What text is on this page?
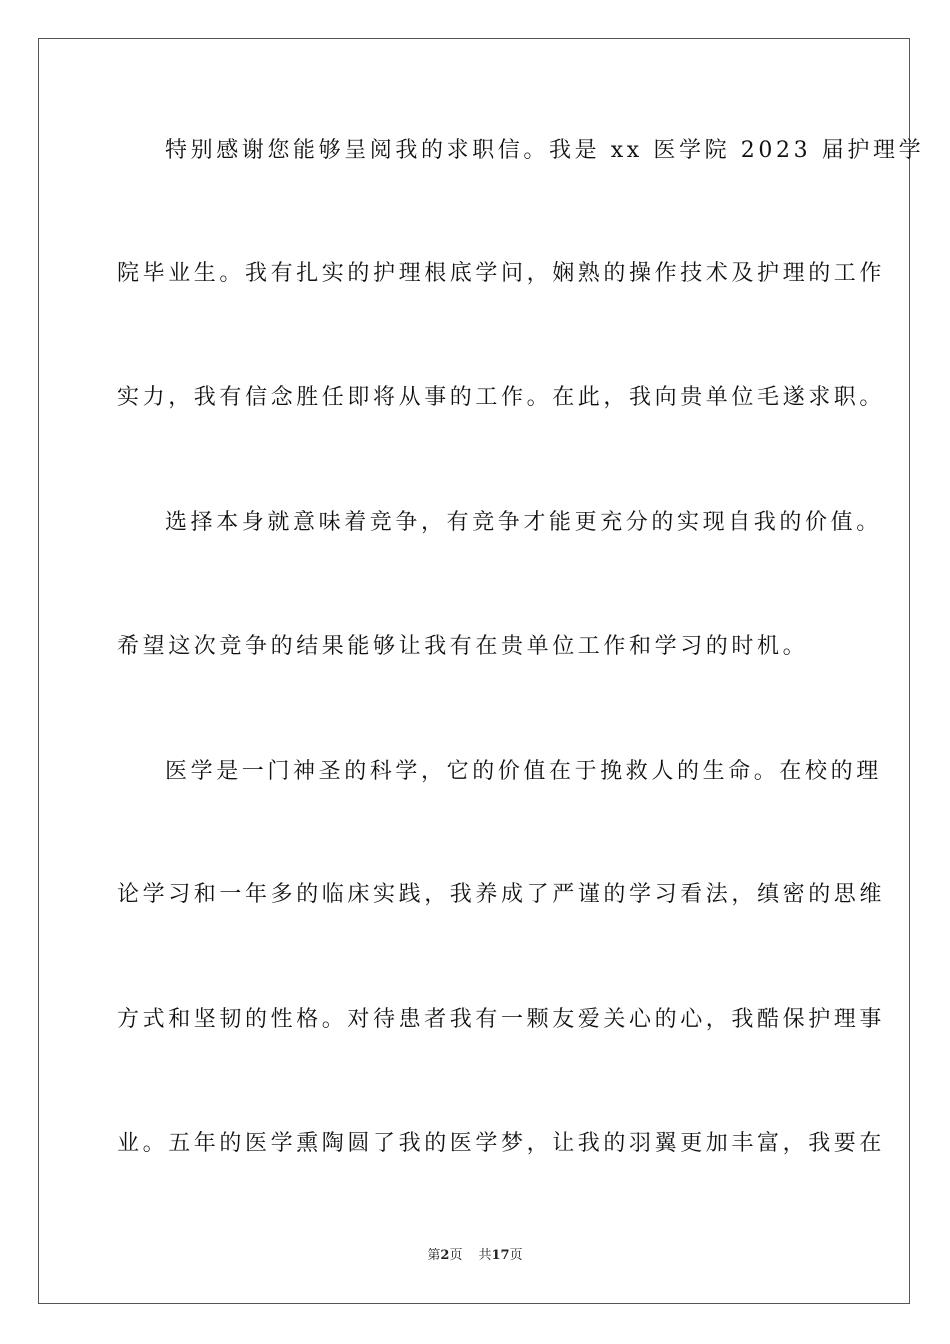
特别感谢您能够呈阅我的求职信。我是 xx 医学院 2023 届护理学
院毕业生。我有扎实的护理根底学问，娴熟的操作技术及护理的工作
实力，我有信念胜任即将从事的工作。在此，我向贵单位毛遂求职。
选择本身就意味着竞争，有竞争才能更充分的实现自我的价值。
希望这次竞争的结果能够让我有在贵单位工作和学习的时机。
医学是一门神圣的科学，它的价值在于挽救人的生命。在校的理
论学习和一年多的临床实践，我养成了严谨的学习看法，缜密的思维
方式和坚韧的性格。对待患者我有一颗友爱关心的心，我酷保护理事
业。五年的医学熏陶圆了我的医学梦，让我的羽翼更加丰富，我要在
第2页 共17页
